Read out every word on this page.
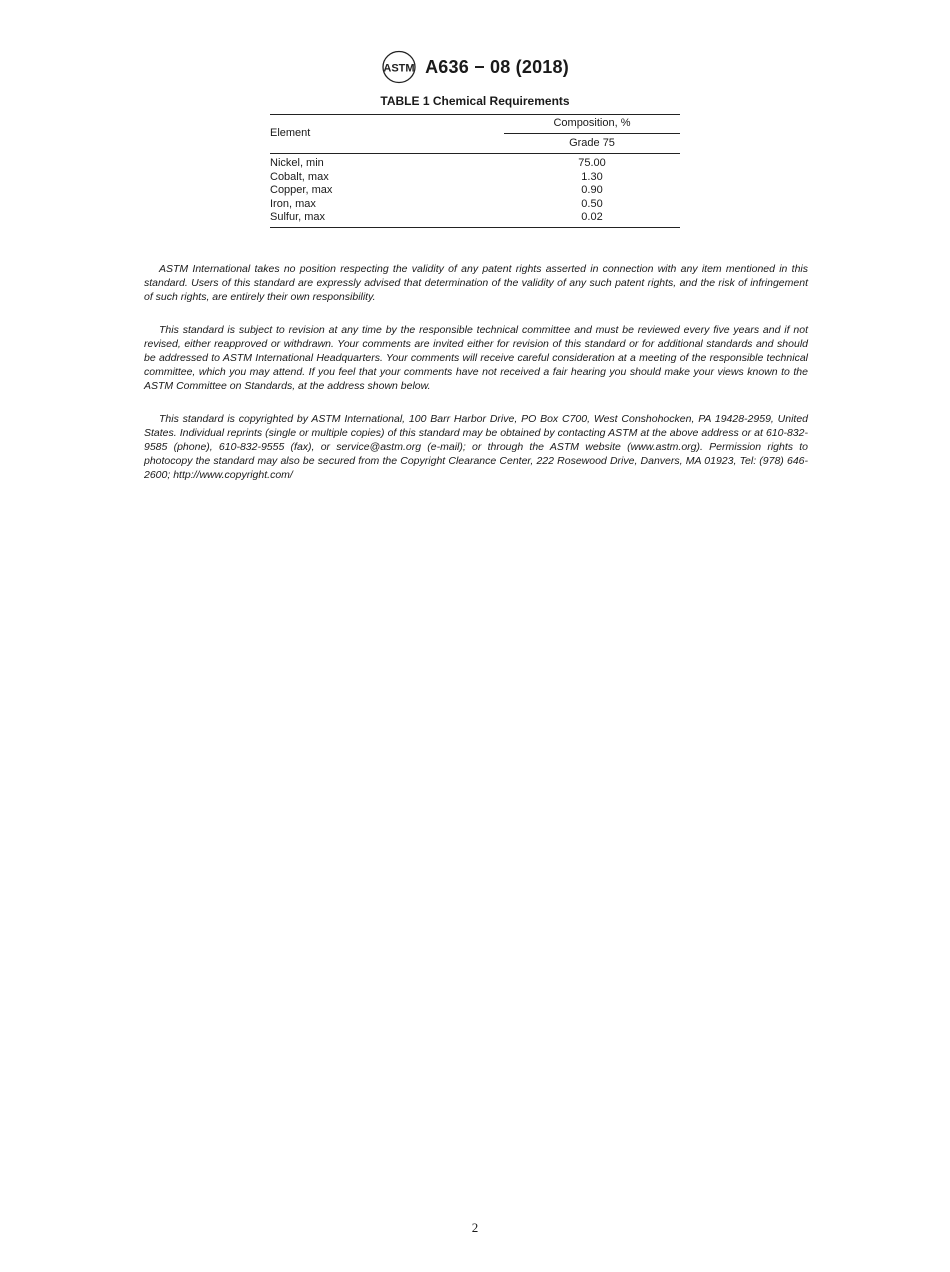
ASTM A636 − 08 (2018)
TABLE 1 Chemical Requirements
Element	Composition, %
	Grade 75
Nickel, min	75.00
Cobalt, max	1.30
Copper, max	0.90
Iron, max	0.50
Sulfur, max	0.02

ASTM International takes no position respecting the validity of any patent rights asserted in connection with any item mentioned in this standard. Users of this standard are expressly advised that determination of the validity of any such patent rights, and the risk of infringement of such rights, are entirely their own responsibility.

This standard is subject to revision at any time by the responsible technical committee and must be reviewed every five years and if not revised, either reapproved or withdrawn. Your comments are invited either for revision of this standard or for additional standards and should be addressed to ASTM International Headquarters. Your comments will receive careful consideration at a meeting of the responsible technical committee, which you may attend. If you feel that your comments have not received a fair hearing you should make your views known to the ASTM Committee on Standards, at the address shown below.

This standard is copyrighted by ASTM International, 100 Barr Harbor Drive, PO Box C700, West Conshohocken, PA 19428-2959, United States. Individual reprints (single or multiple copies) of this standard may be obtained by contacting ASTM at the above address or at 610-832-9585 (phone), 610-832-9555 (fax), or service@astm.org (e-mail); or through the ASTM website (www.astm.org). Permission rights to photocopy the standard may also be secured from the Copyright Clearance Center, 222 Rosewood Drive, Danvers, MA 01923, Tel: (978) 646-2600; http://www.copyright.com/

2
